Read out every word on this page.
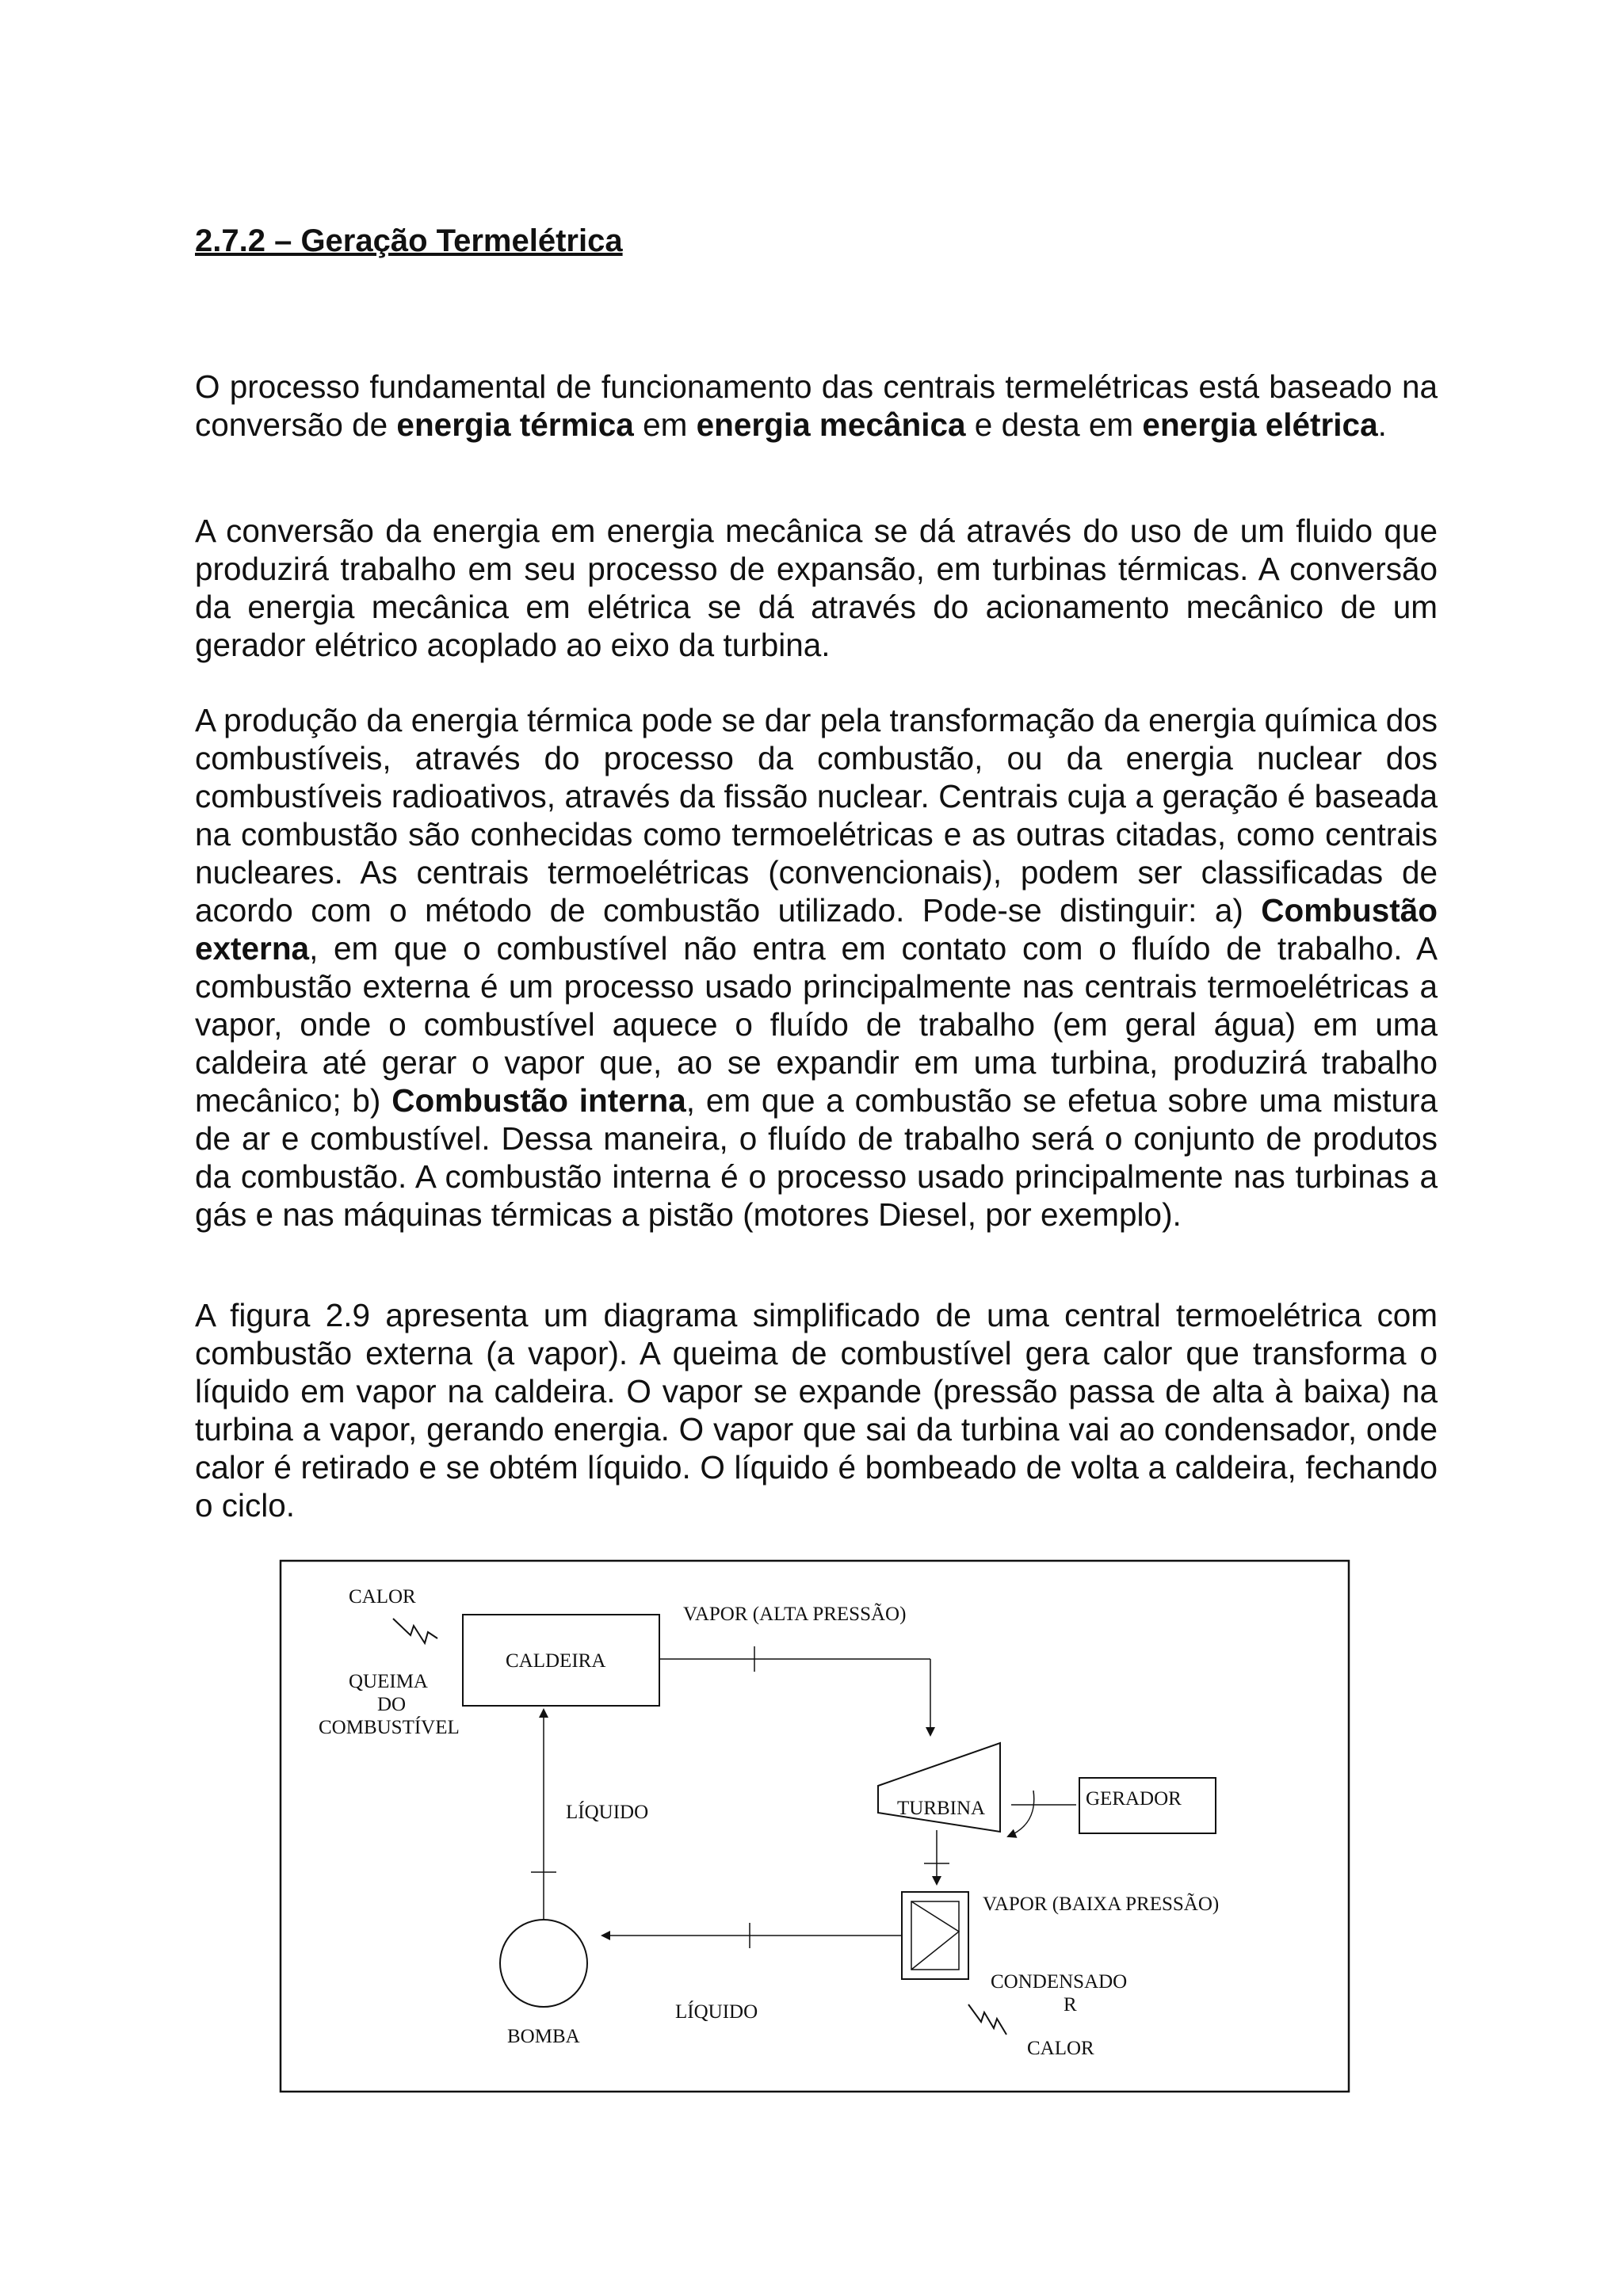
2.7.2 – Geração Termelétrica

O processo fundamental de funcionamento das centrais termelétricas está baseado na conversão de energia térmica em energia mecânica e desta em energia elétrica.

A conversão da energia em energia mecânica se dá através do uso de um fluido que produzirá trabalho em seu processo de expansão, em turbinas térmicas. A conversão da energia mecânica em elétrica se dá através do acionamento mecânico de um gerador elétrico acoplado ao eixo da turbina.

A produção da energia térmica pode se dar pela transformação da energia química dos combustíveis, através do processo da combustão, ou da energia nuclear dos combustíveis radioativos, através da fissão nuclear. Centrais cuja a geração é baseada na combustão são conhecidas como termoelétricas e as outras citadas, como centrais nucleares. As centrais termoelétricas (convencionais), podem ser classificadas de acordo com o método de combustão utilizado. Pode-se distinguir: a) Combustão externa, em que o combustível não entra em contato com o fluído de trabalho. A combustão externa é um processo usado principalmente nas centrais termoelétricas a vapor, onde o combustível aquece o fluído de trabalho (em geral água) em uma caldeira até gerar o vapor que, ao se expandir em uma turbina, produzirá trabalho mecânico; b) Combustão interna, em que a combustão se efetua sobre uma mistura de ar e combustível. Dessa maneira, o fluído de trabalho será o conjunto de produtos da combustão. A combustão interna é o processo usado principalmente nas turbinas a gás e nas máquinas térmicas a pistão (motores Diesel, por exemplo).

A figura 2.9 apresenta um diagrama simplificado de uma central termoelétrica com combustão externa (a vapor). A queima de combustível gera calor que transforma o líquido em vapor na caldeira. O vapor se expande (pressão passa de alta à baixa) na turbina a vapor, gerando energia. O vapor que sai da turbina vai ao condensador, onde calor é retirado e se obtém líquido. O líquido é bombeado de volta a caldeira, fechando o ciclo.

CALDEIRA
CALOR
QUEIMA
DO
COMBUSTÍVEL
VAPOR (ALTA PRESSÃO)
TURBINA	GERADOR
LÍQUIDO
VAPOR (BAIXA PRESSÃO)
CONDENSADO
R
CALOR
LÍQUIDO
BOMBA
